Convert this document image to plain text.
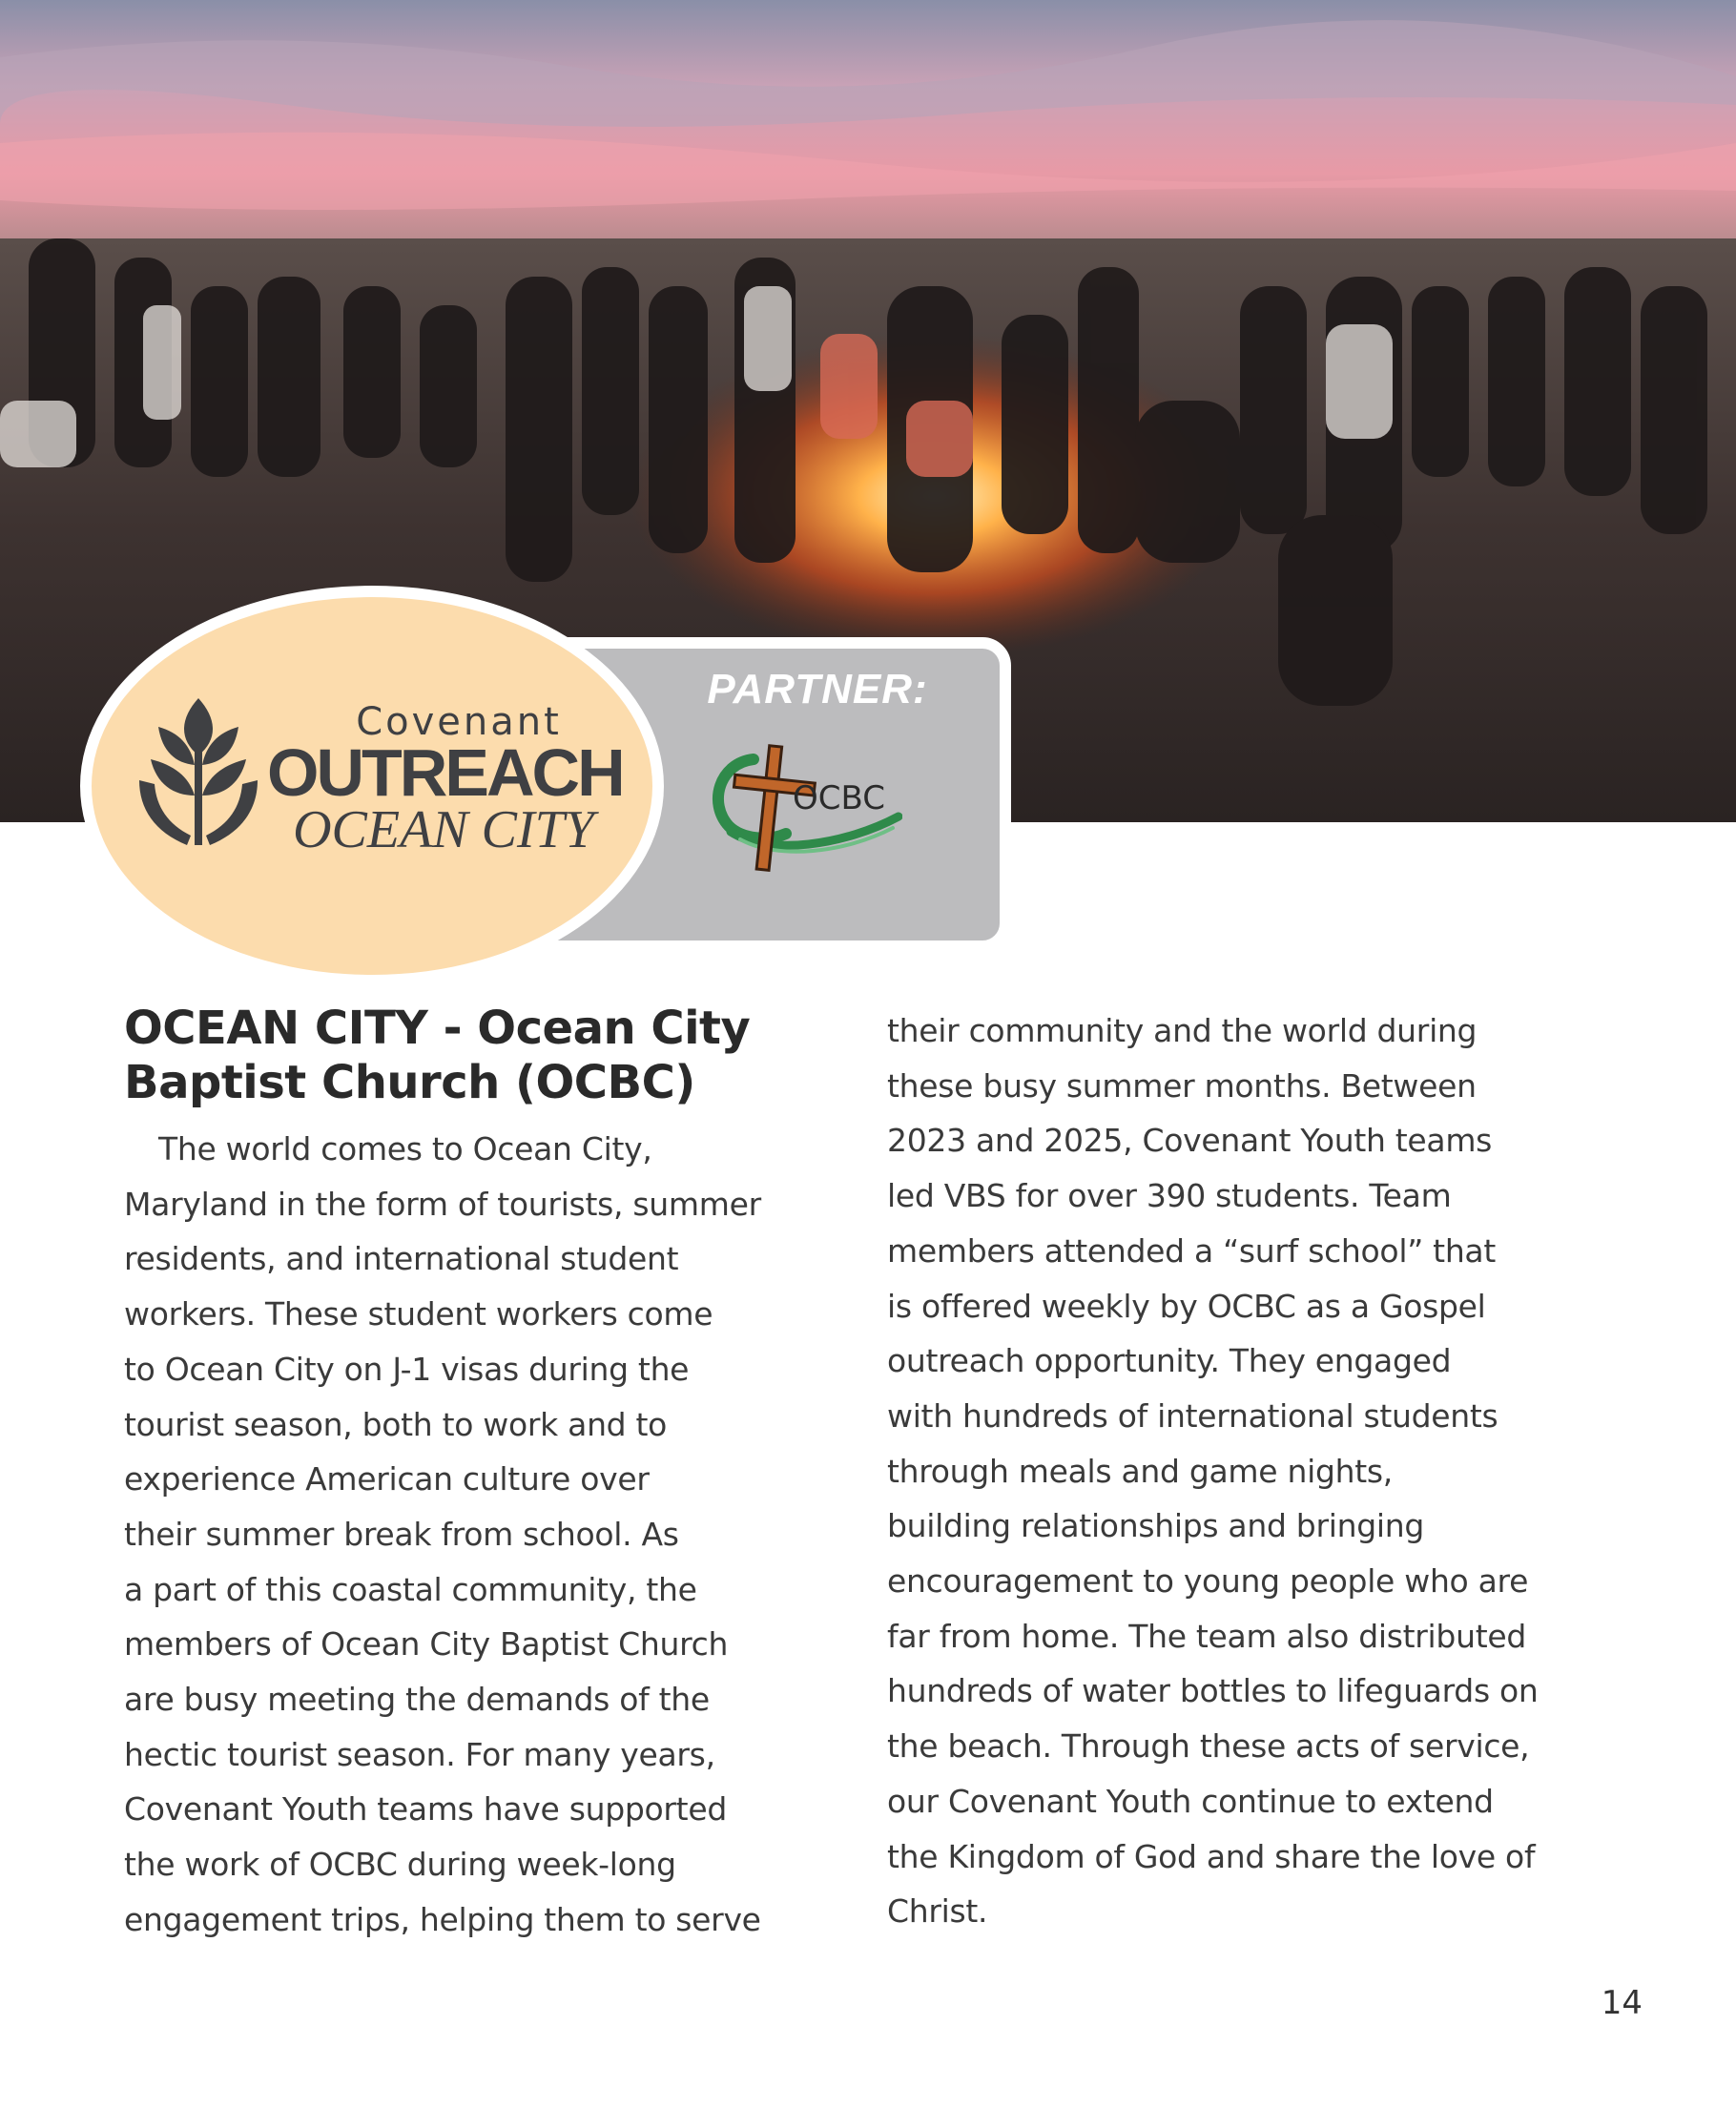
PARTNER:
OCBC
Covenant
OUTREACH
OCEAN CITY
OCEAN CITY - Ocean City
Baptist Church (OCBC)

The world comes to Ocean City,
Maryland in the form of tourists, summer
residents, and international student
workers. These student workers come
to Ocean City on J-1 visas during the
tourist season, both to work and to
experience American culture over
their summer break from school. As
a part of this coastal community, the
members of Ocean City Baptist Church
are busy meeting the demands of the
hectic tourist season. For many years,
Covenant Youth teams have supported
the work of OCBC during week-long
engagement trips, helping them to serve

their community and the world during
these busy summer months. Between
2023 and 2025, Covenant Youth teams
led VBS for over 390 students. Team
members attended a “surf school” that
is offered weekly by OCBC as a Gospel
outreach opportunity. They engaged
with hundreds of international students
through meals and game nights,
building relationships and bringing
encouragement to young people who are
far from home. The team also distributed
hundreds of water bottles to lifeguards on
the beach. Through these acts of service,
our Covenant Youth continue to extend
the Kingdom of God and share the love of
Christ.

14
